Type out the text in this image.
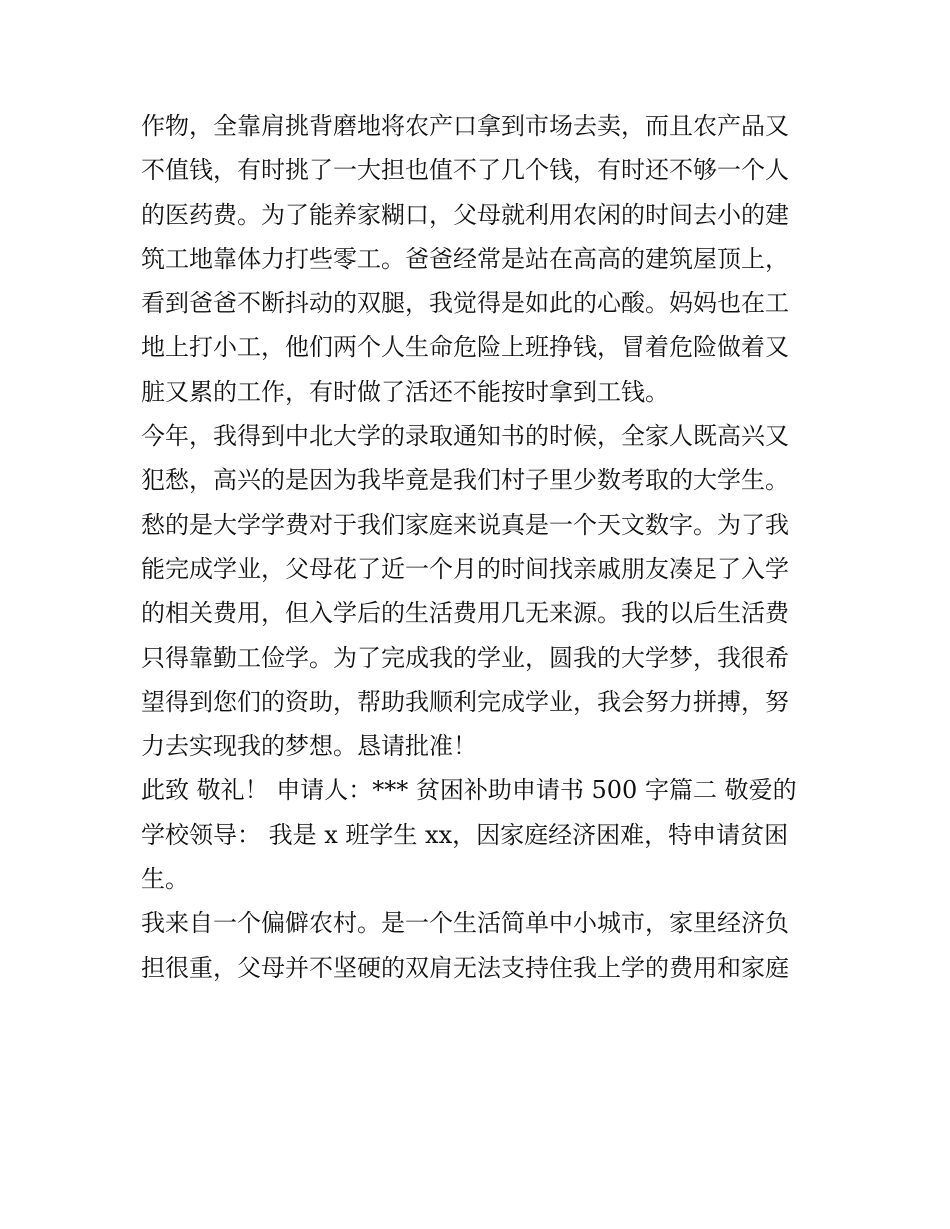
作物，全靠肩挑背磨地将农产口拿到市场去卖，而且农产品又
不值钱，有时挑了一大担也值不了几个钱，有时还不够一个人
的医药费。为了能养家糊口，父母就利用农闲的时间去小的建
筑工地靠体力打些零工。爸爸经常是站在高高的建筑屋顶上，
看到爸爸不断抖动的双腿，我觉得是如此的心酸。妈妈也在工
地上打小工，他们两个人生命危险上班挣钱，冒着危险做着又
脏又累的工作，有时做了活还不能按时拿到工钱。
今年，我得到中北大学的录取通知书的时候，全家人既高兴又
犯愁，高兴的是因为我毕竟是我们村子里少数考取的大学生。
愁的是大学学费对于我们家庭来说真是一个天文数字。为了我
能完成学业，父母花了近一个月的时间找亲戚朋友凑足了入学
的相关费用，但入学后的生活费用几无来源。我的以后生活费
只得靠勤工俭学。为了完成我的学业，圆我的大学梦，我很希
望得到您们的资助，帮助我顺利完成学业，我会努力拼搏，努
力去实现我的梦想。恳请批准！
此致 敬礼！ 申请人：*** 贫困补助申请书 500 字篇二 敬爱的
学校领导： 我是 x 班学生 xx，因家庭经济困难，特申请贫困
生。
我来自一个偏僻农村。是一个生活简单中小城市，家里经济负
担很重，父母并不坚硬的双肩无法支持住我上学的费用和家庭
